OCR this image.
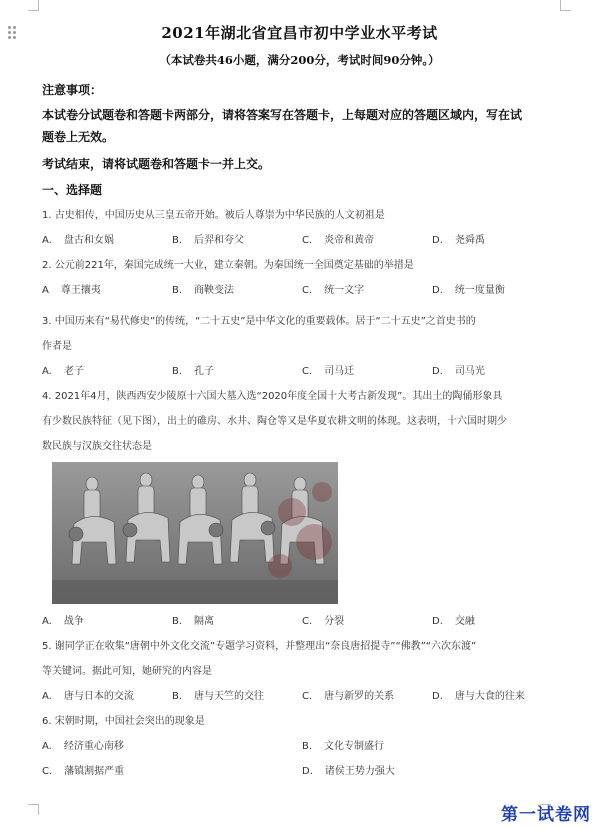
2021年湖北省宜昌市初中学业水平考试
（本试卷共46小题，满分200分，考试时间90分钟。）
注意事项：
本试卷分试题卷和答题卡两部分，请将答案写在答题卡，上每题对应的答题区域内，写在试
题卷上无效。
考试结束，请将试题卷和答题卡一并上交。
一、选择题
1. 古史相传，中国历史从三皇五帝开始。被后人尊崇为中华民族的人文初祖是
A. 盘古和女娲	B. 后羿和夸父	C. 炎帝和黄帝	D. 尧舜禹
2. 公元前221年，秦国完成统一大业，建立秦朝。为秦国统一全国奠定基础的举措是
A 尊王攘夷	B. 商鞅变法	C. 统一文字	D. 统一度量衡
3. 中国历来有“易代修史”的传统，“二十五史”是中华文化的重要载体。居于“二十五史”之首史书的
作者是
A. 老子	B. 孔子	C. 司马迁	D. 司马光
4. 2021年4月，陕西西安少陵原十六国大墓入选“2020年度全国十大考古新发现”。其出土的陶俑形象具
有少数民族特征（见下图），出土的碓房、水井、陶仓等又是华夏农耕文明的体现。这表明，十六国时期少
数民族与汉族交往状态是
A. 战争	B. 隔离	C. 分裂	D. 交融
5. 谢同学正在收集“唐朝中外文化交流”专题学习资料，并整理出“奈良唐招提寺”“佛教”“六次东渡”
等关键词。据此可知，她研究的内容是
A. 唐与日本的交流	B. 唐与天竺的交往	C. 唐与新罗的关系	D. 唐与大食的往来
6. 宋朝时期，中国社会突出的现象是
A. 经济重心南移	B. 文化专制盛行
C. 藩镇割据严重	D. 诸侯王势力强大
第一试卷网
